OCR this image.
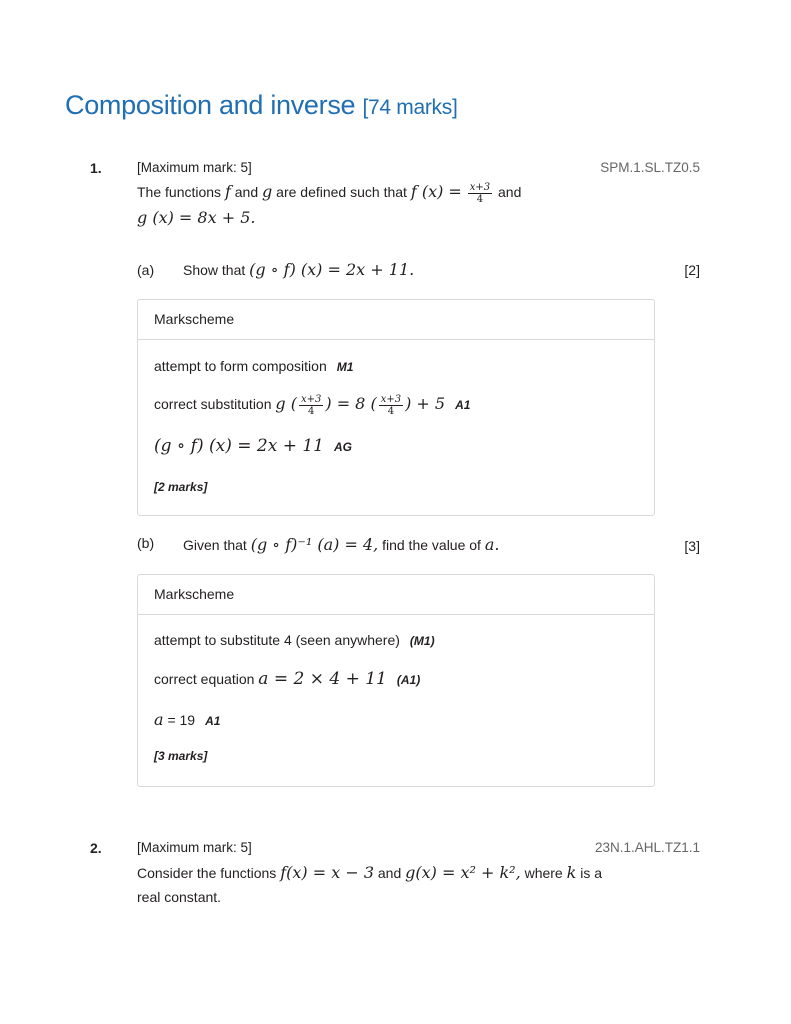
Composition and inverse [74 marks]
1.	[Maximum mark: 5]	SPM.1.SL.TZ0.5
The functions f and g are defined such that f $(x) = \frac{x+3}{4}$ and
g (x) = 8x + 5.
(a) Show that (g ∘ f) (x) = 2x + 11.	[2]
Markscheme
attempt to form composition M1
correct substitution g ( $\frac{x+3}{4}$ ) = 8 ( $\frac{x+3}{4}$ ) + 5 A1
(g ∘ f) (x) = 2x + 11 AG
[2 marks]
(b) Given that (g ∘ f)⁻¹ (a) = 4, find the value of a.	[3]
Markscheme
attempt to substitute 4 (seen anywhere) (M1)
correct equation a = 2 × 4 + 11 (A1)
a = 19 A1
[3 marks]
2.	[Maximum mark: 5]	23N.1.AHL.TZ1.1
Consider the functions f(x) = x − 3 and g(x) = x² + k², where k is a
real constant.
